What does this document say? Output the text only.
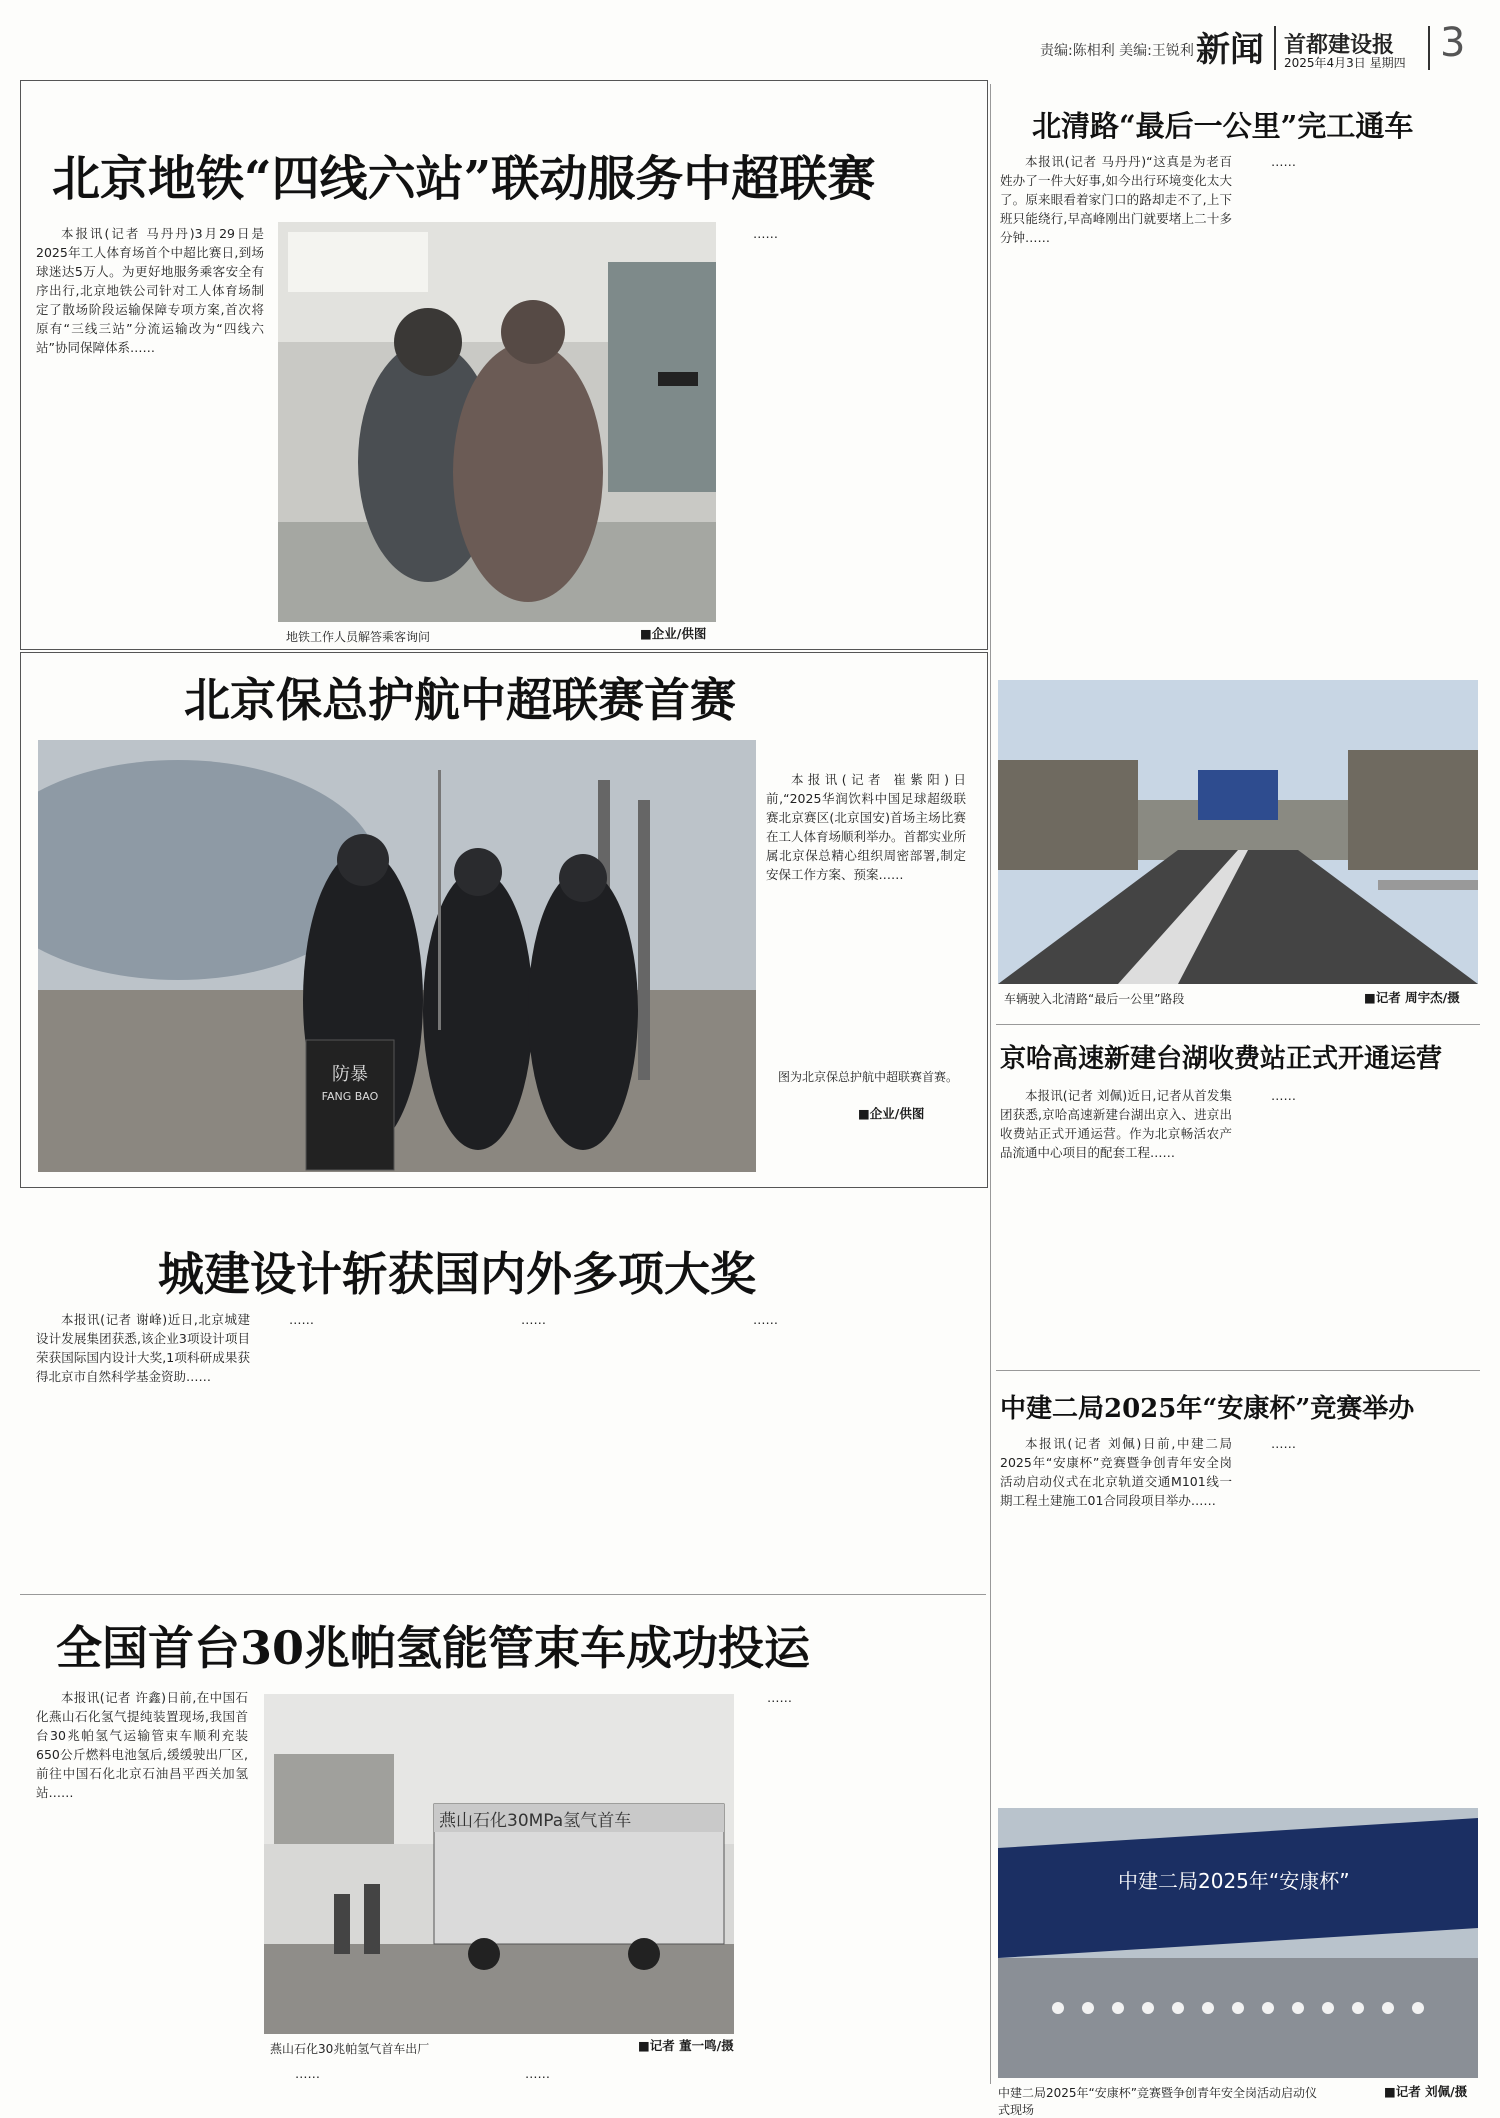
责编:陈相利 美编:王锐利 新闻 首都建设报
2025年4月3日 星期四 3
北京地铁“四线六站”联动服务中超联赛

本报讯(记者 马丹丹)3月29日是2025年工人体育场首个中超比赛日,到场球迷达5万人。为更好地服务乘客安全有序出行,北京地铁公司针对工人体育场制定了散场阶段运输保障专项方案,首次将原有“三线三站”分流运输改为“四线六站”协同保障体系……

地铁工作人员解答乘客询问	■企业/供图

……

北京保总护航中超联赛首赛
防暴
FANG BAO

本报讯(记者 崔紫阳)日前,“2025华润饮料中国足球超级联赛北京赛区(北京国安)首场主场比赛在工人体育场顺利举办。首都实业所属北京保总精心组织周密部署,制定安保工作方案、预案……

图为北京保总护航中超联赛首赛。
■企业/供图
城建设计斩获国内外多项大奖

本报讯(记者 谢峰)近日,北京城建设计发展集团获悉,该企业3项设计项目荣获国际国内设计大奖,1项科研成果获得北京市自然科学基金资助……

……	……	……

全国首台30兆帕氢能管束车成功投运

本报讯(记者 许鑫)日前,在中国石化燕山石化氢气提纯装置现场,我国首台30兆帕氢气运输管束车顺利充装650公斤燃料电池氢后,缓缓驶出厂区,前往中国石化北京石油昌平西关加氢站……

燕山石化30MPa氢气首车
燕山石化30兆帕氢气首车出厂	■记者 董一鸣/摄

……	……

……

北清路“最后一公里”完工通车

本报讯(记者 马丹丹)“这真是为老百姓办了一件大好事,如今出行环境变化太大了。原来眼看着家门口的路却走不了,上下班只能绕行,早高峰刚出门就要堵上二十多分钟……

……

车辆驶入北清路“最后一公里”路段	■记者 周宇杰/摄
京哈高速新建台湖收费站正式开通运营

本报讯(记者 刘佩)近日,记者从首发集团获悉,京哈高速新建台湖出京入、进京出收费站正式开通运营。作为北京畅活农产品流通中心项目的配套工程……

……

中建二局2025年“安康杯”竞赛举办

本报讯(记者 刘佩)日前,中建二局2025年“安康杯”竞赛暨争创青年安全岗活动启动仪式在北京轨道交通M101线一期工程土建施工01合同段项目举办……

……

中建二局2025年“安康杯”
中建二局2025年“安康杯”竞赛暨争创青年安全岗活动启动仪式现场
■记者 刘佩/摄
